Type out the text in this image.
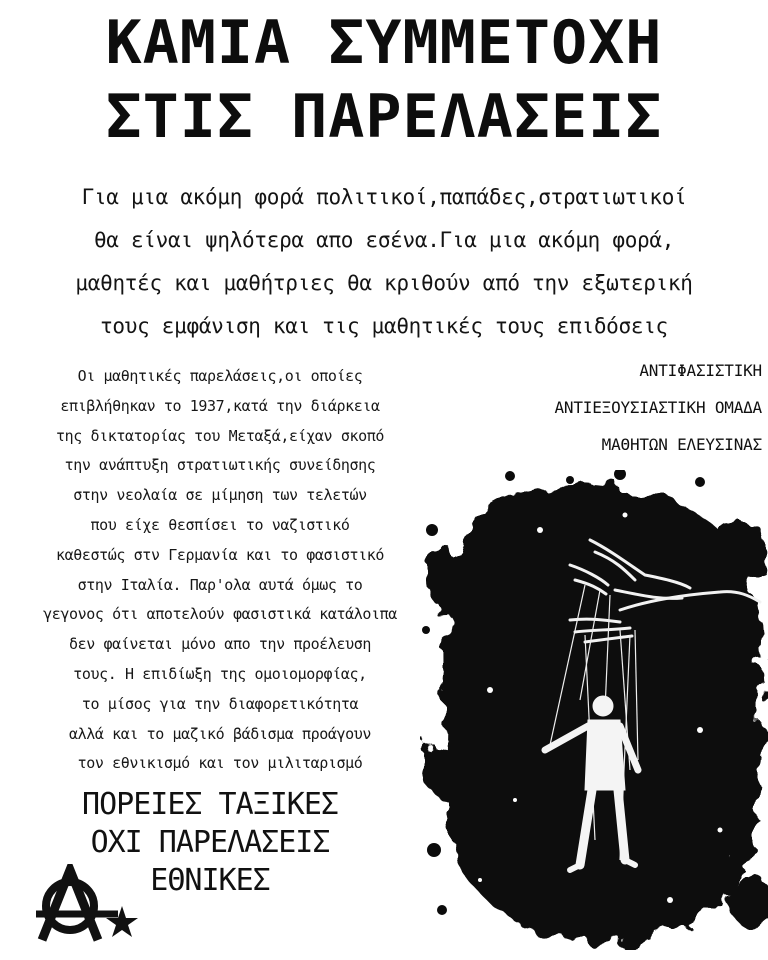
ΚΑΜΙΑ ΣΥΜΜΕΤΟΧΗ
ΣΤΙΣ ΠΑΡΕΛΑΣΕΙΣ

Για μια ακόμη φορά πολιτικοί,παπάδες,στρατιωτικοί
θα είναι ψηλότερα απο εσένα.Για μια ακόμη φορά,
μαθητές και μαθήτριες θα κριθούν από την εξωτερική
τους εμφάνιση και τις μαθητικές τους επιδόσεις

Οι μαθητικές παρελάσεις,οι οποίες
επιβλήθηκαν το 1937,κατά την διάρκεια
της δικτατορίας του Μεταξά,είχαν σκοπό
την ανάπτυξη στρατιωτικής συνείδησης
στην νεολαία σε μίμηση των τελετών
που είχε θεσπίσει το ναζιστικό
καθεστώς στν Γερμανία και το φασιστικό
στην Ιταλία. Παρ'ολα αυτά όμως το
γεγονος ότι αποτελούν φασιστικά κατάλοιπα
δεν φαίνεται μόνο απο την προέλευση
τους. Η επιδίωξη της ομοιομορφίας,
το μίσος για την διαφορετικότητα
αλλά και το μαζικό βάδισμα προάγουν
τον εθνικισμό και τον μιλιταρισμό

ΑΝΤΙΦΑΣΙΣΤΙΚΗ
ΑΝΤΙΕΞΟΥΣΙΑΣΤΙΚΗ ΟΜΑΔΑ
ΜΑΘΗΤΩΝ ΕΛΕΥΣΙΝΑΣ

ΠΟΡΕΙΕΣ ΤΑΞΙΚΕΣ
ΟΧΙ ΠΑΡΕΛΑΣΕΙΣ
ΕΘΝΙΚΕΣ
